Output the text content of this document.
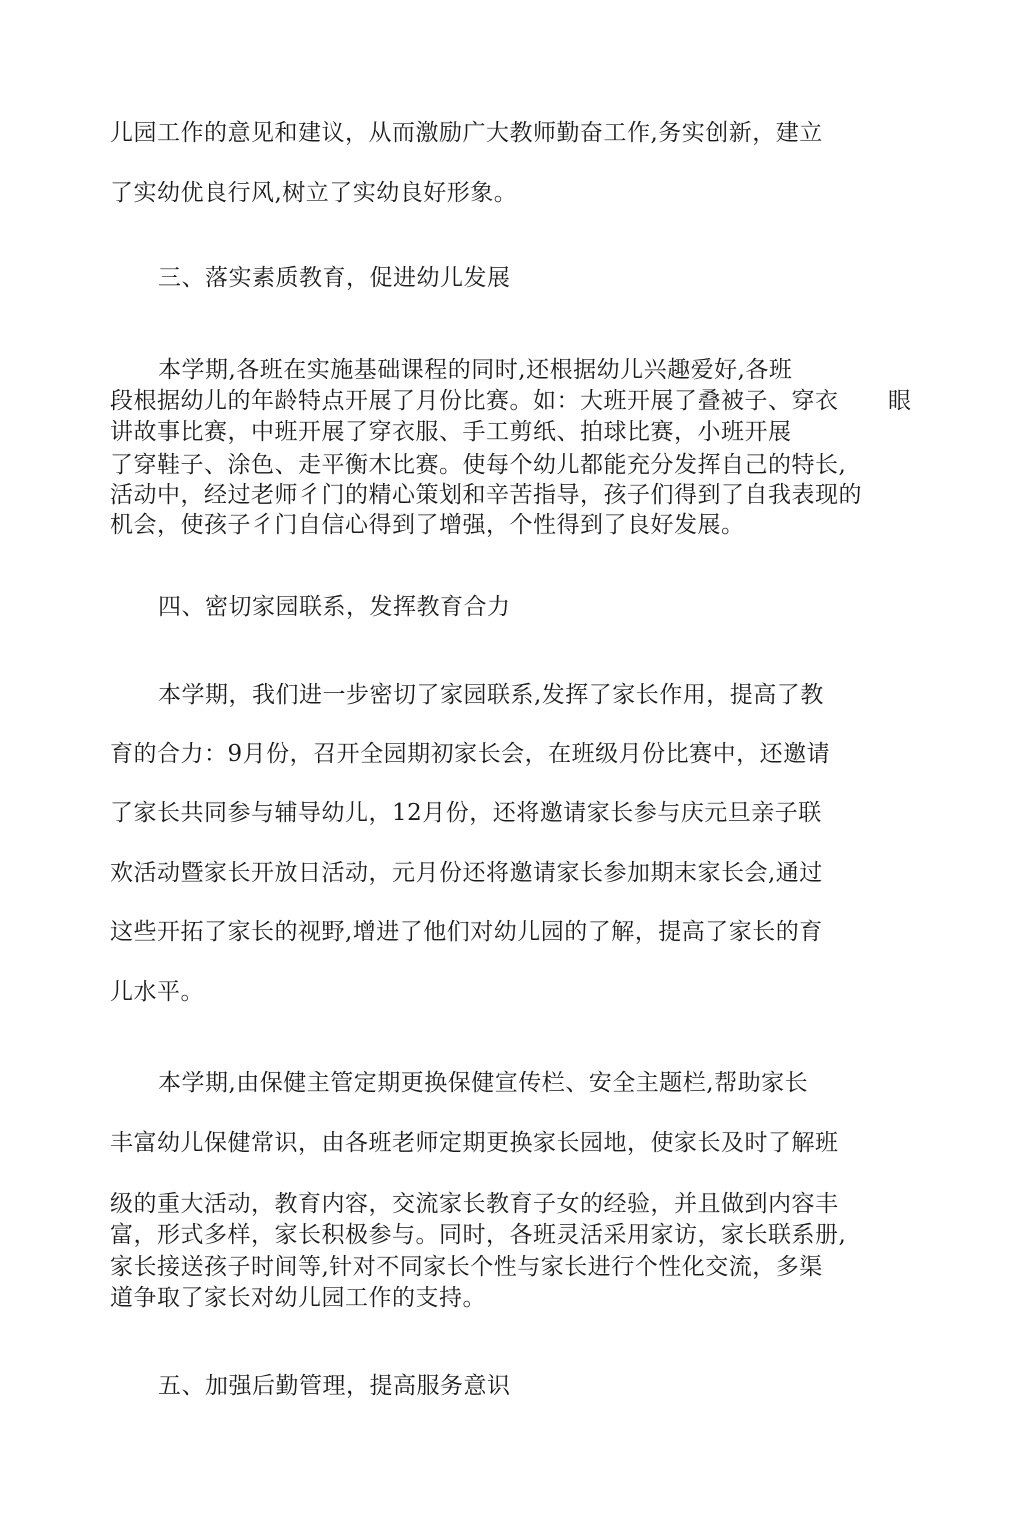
儿园工作的意见和建议，从而激励广大教师勤奋工作,务实创新，建立
了实幼优良行风,树立了实幼良好形象。
三、落实素质教育，促进幼儿发展
本学期,各班在实施基础课程的同时,还根据幼儿兴趣爱好,各班
段根据幼儿的年龄特点开展了月份比赛。如：大班开展了叠被子、穿衣 眼
讲故事比赛，中班开展了穿衣服、手工剪纸、拍球比赛，小班开展
了穿鞋子、涂色、走平衡木比赛。使每个幼儿都能充分发挥自己的特长,
活动中，经过老师彳门的精心策划和辛苦指导，孩子们得到了自我表现的
机会，使孩子彳门自信心得到了增强，个性得到了良好发展。
四、密切家园联系，发挥教育合力
本学期，我们进一步密切了家园联系,发挥了家长作用，提高了教
育的合力：9月份，召开全园期初家长会，在班级月份比赛中，还邀请
了家长共同参与辅导幼儿，12月份，还将邀请家长参与庆元旦亲子联
欢活动暨家长开放日活动，元月份还将邀请家长参加期末家长会,通过
这些开拓了家长的视野,增进了他们对幼儿园的了解，提高了家长的育
儿水平。
本学期,由保健主管定期更换保健宣传栏、安全主题栏,帮助家长
丰富幼儿保健常识，由各班老师定期更换家长园地，使家长及时了解班
级的重大活动，教育内容，交流家长教育子女的经验，并且做到内容丰
富，形式多样，家长积极参与。同时，各班灵活采用家访，家长联系册,
家长接送孩子时间等,针对不同家长个性与家长进行个性化交流，多渠
道争取了家长对幼儿园工作的支持。
五、加强后勤管理，提高服务意识
